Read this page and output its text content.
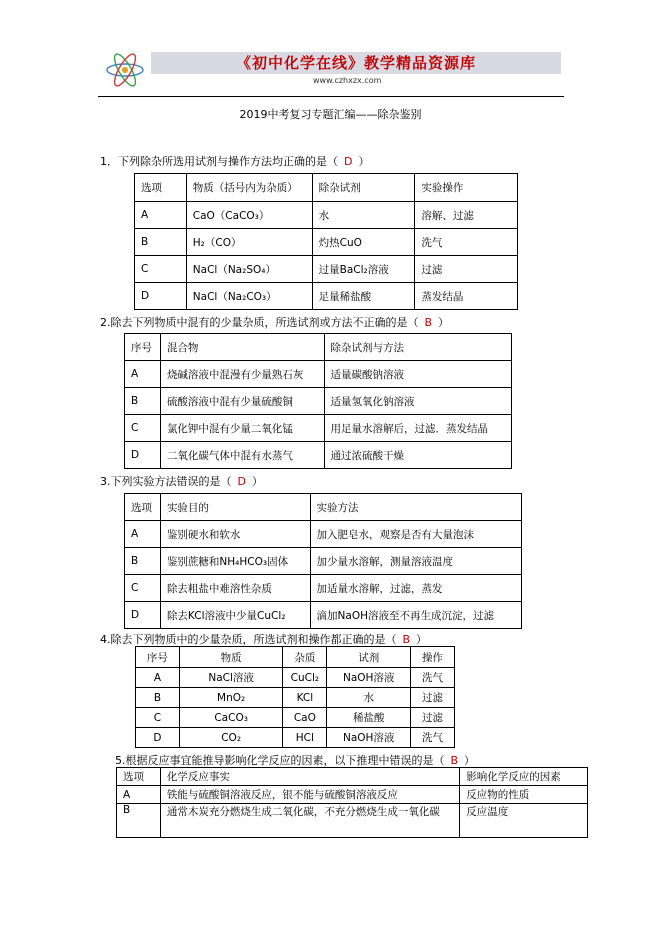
《初中化学在线》教学精品资源库
www.czhxzx.com
2019中考复习专题汇编——除杂鉴别
1．下列除杂所选用试剂与操作方法均正确的是（ D ）
选项	物质（括号内为杂质）	除杂试剂	实验操作
A	CaO（CaCO₃）	水	溶解、过滤
B	H₂（CO）	灼热CuO	洗气
C	NaCl（Na₂SO₄）	过量BaCl₂溶液	过滤
D	NaCl（Na₂CO₃）	足量稀盐酸	蒸发结晶
2.除去下列物质中混有的少量杂质，所选试剂或方法不正确的是（ B ）
序号	混合物	除杂试剂与方法
A	烧碱溶液中混漫有少量熟石灰	适量碳酸钠溶液
B	硫酸溶液中混有少量硫酸铜	适量氢氧化钠溶液
C	氯化钾中混有少量二氧化锰	用足量水溶解后，过滤．蒸发结晶
D	二氧化碳气体中混有水蒸气	通过浓硫酸干燥
3.下列实验方法错误的是（ D ）
选项	实验目的	实验方法
A	鉴别硬水和软水	加入肥皂水，观察是否有大量泡沫
B	鉴别蔗糖和NH₄HCO₃固体	加少量水溶解，测量溶液温度
C	除去粗盐中难溶性杂质	加适量水溶解，过滤，蒸发
D	除去KCl溶液中少量CuCl₂	滴加NaOH溶液至不再生成沉淀，过滤
4.除去下列物质中的少量杂质，所选试剂和操作都正确的是（ B ）
序号	物质	杂质	试剂	操作
A	NaCl溶液	CuCl₂	NaOH溶液	洗气
B	MnO₂	KCl	水	过滤
C	CaCO₃	CaO	稀盐酸	过滤
D	CO₂	HCl	NaOH溶液	洗气
5.根据反应事宜能推导影响化学反应的因素，以下推理中错误的是（ B ）
选项	化学反应事实	影响化学反应的因素
A	铁能与硫酸铜溶液反应，银不能与硫酸铜溶液反应	反应物的性质
B	通常木炭充分燃烧生成二氧化碳，不充分燃烧生成一氧化碳	反应温度
